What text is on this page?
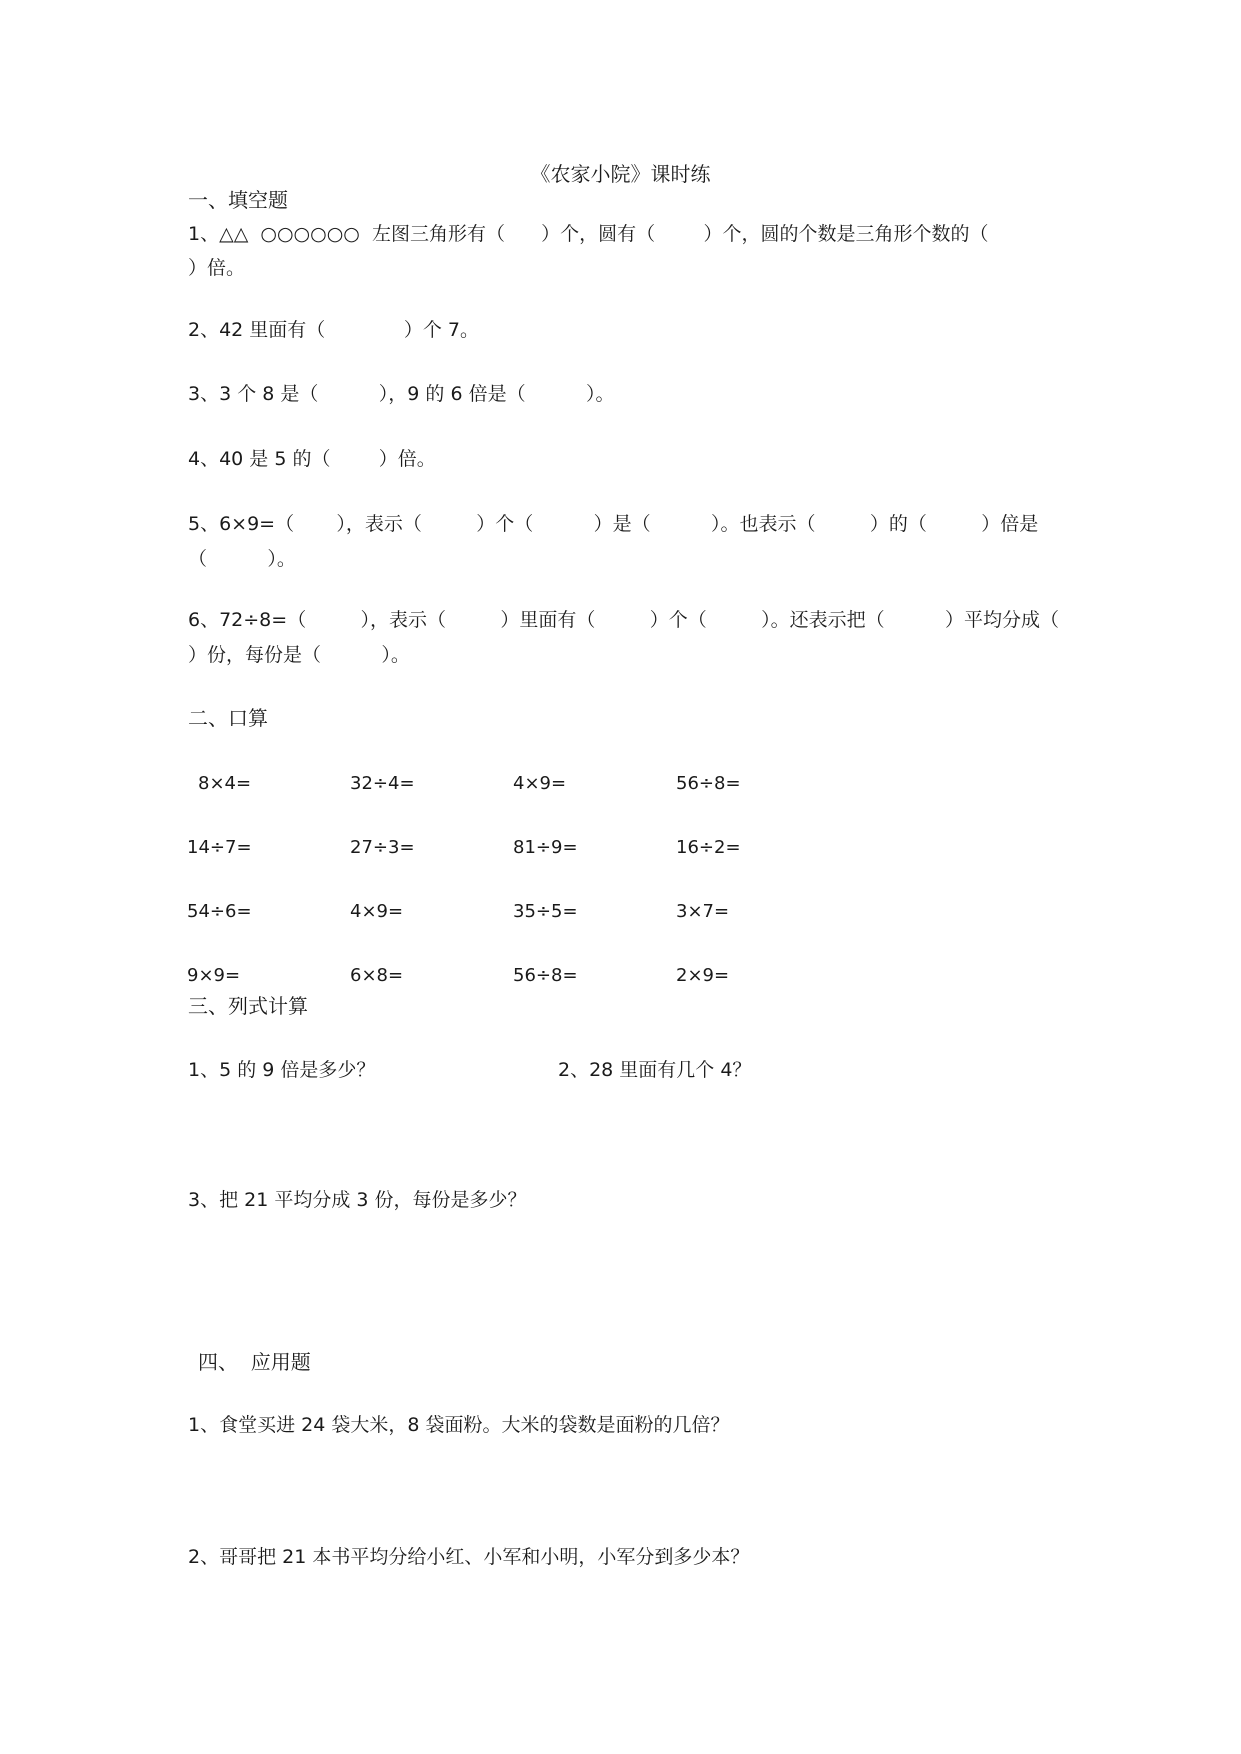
《农家小院》课时练
一、填空题
1、△△  ○○○○○○  左图三角形有（      ）个，圆有（        ）个，圆的个数是三角形个数的（
）倍。
2、42 里面有（             ）个 7。
3、3 个 8 是（          ），9 的 6 倍是（          ）。
4、40 是 5 的（        ）倍。
5、6×9=（       ），表示（         ）个（          ）是（          ）。也表示（         ）的（         ）倍是
（          ）。
6、72÷8=（         ），表示（         ）里面有（         ）个（         ）。还表示把（          ）平均分成（
）份，每份是（          ）。
二、口算
8×4=	32÷4=	4×9=	56÷8=
14÷7=	27÷3=	81÷9=	16÷2=
54÷6=	4×9=	35÷5=	3×7=
9×9=	6×8=	56÷8=	2×9=
三、列式计算
1、5 的 9 倍是多少？	2、28 里面有几个 4？
3、把 21 平均分成 3 份，每份是多少？
四、  应用题
1、食堂买进 24 袋大米，8 袋面粉。大米的袋数是面粉的几倍？
2、哥哥把 21 本书平均分给小红、小军和小明，小军分到多少本？
